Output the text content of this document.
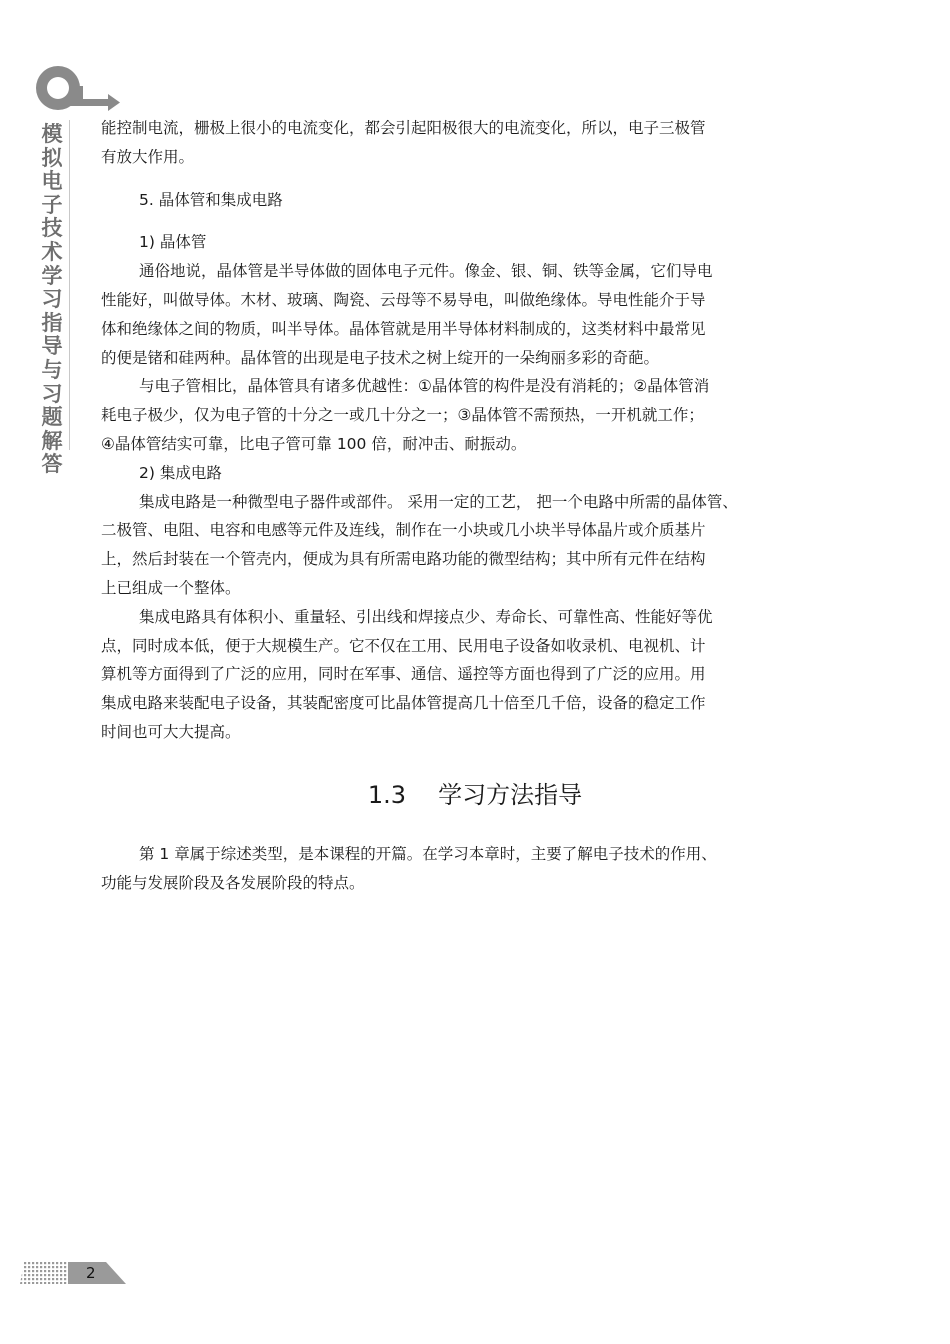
模拟电子技术学习指导与习题解答

能控制电流，栅极上很小的电流变化，都会引起阳极很大的电流变化，所以，电子三极管

有放大作用。

5. 晶体管和集成电路

1) 晶体管

通俗地说，晶体管是半导体做的固体电子元件。像金、银、铜、铁等金属，它们导电

性能好，叫做导体。木材、玻璃、陶瓷、云母等不易导电，叫做绝缘体。导电性能介于导

体和绝缘体之间的物质，叫半导体。晶体管就是用半导体材料制成的，这类材料中最常见

的便是锗和硅两种。晶体管的出现是电子技术之树上绽开的一朵绚丽多彩的奇葩。

与电子管相比，晶体管具有诸多优越性：①晶体管的构件是没有消耗的；②晶体管消

耗电子极少，仅为电子管的十分之一或几十分之一；③晶体管不需预热，一开机就工作；

④晶体管结实可靠，比电子管可靠 100 倍，耐冲击、耐振动。

2) 集成电路

集成电路是一种微型电子器件或部件。 采用一定的工艺， 把一个电路中所需的晶体管、

二极管、电阻、电容和电感等元件及连线，制作在一小块或几小块半导体晶片或介质基片

上，然后封装在一个管壳内，便成为具有所需电路功能的微型结构；其中所有元件在结构

上已组成一个整体。

集成电路具有体积小、重量轻、引出线和焊接点少、寿命长、可靠性高、性能好等优

点，同时成本低，便于大规模生产。它不仅在工用、民用电子设备如收录机、电视机、计

算机等方面得到了广泛的应用，同时在军事、通信、遥控等方面也得到了广泛的应用。用

集成电路来装配电子设备，其装配密度可比晶体管提高几十倍至几千倍，设备的稳定工作

时间也可大大提高。

1.3 学习方法指导

第 1 章属于综述类型，是本课程的开篇。在学习本章时，主要了解电子技术的作用、

功能与发展阶段及各发展阶段的特点。

2
